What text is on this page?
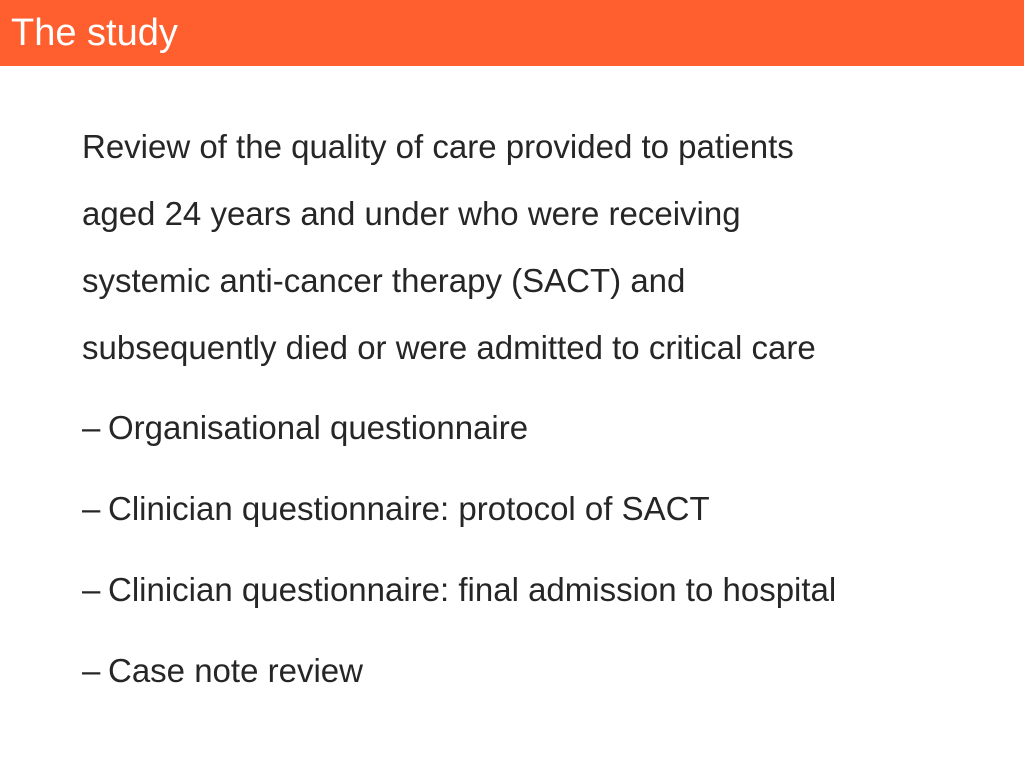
The study
Review of the quality of care provided to patients
aged 24 years and under who were receiving
systemic anti-cancer therapy (SACT) and
subsequently died or were admitted to critical care
– Organisational questionnaire
– Clinician questionnaire: protocol of SACT
– Clinician questionnaire: final admission to hospital
– Case note review
